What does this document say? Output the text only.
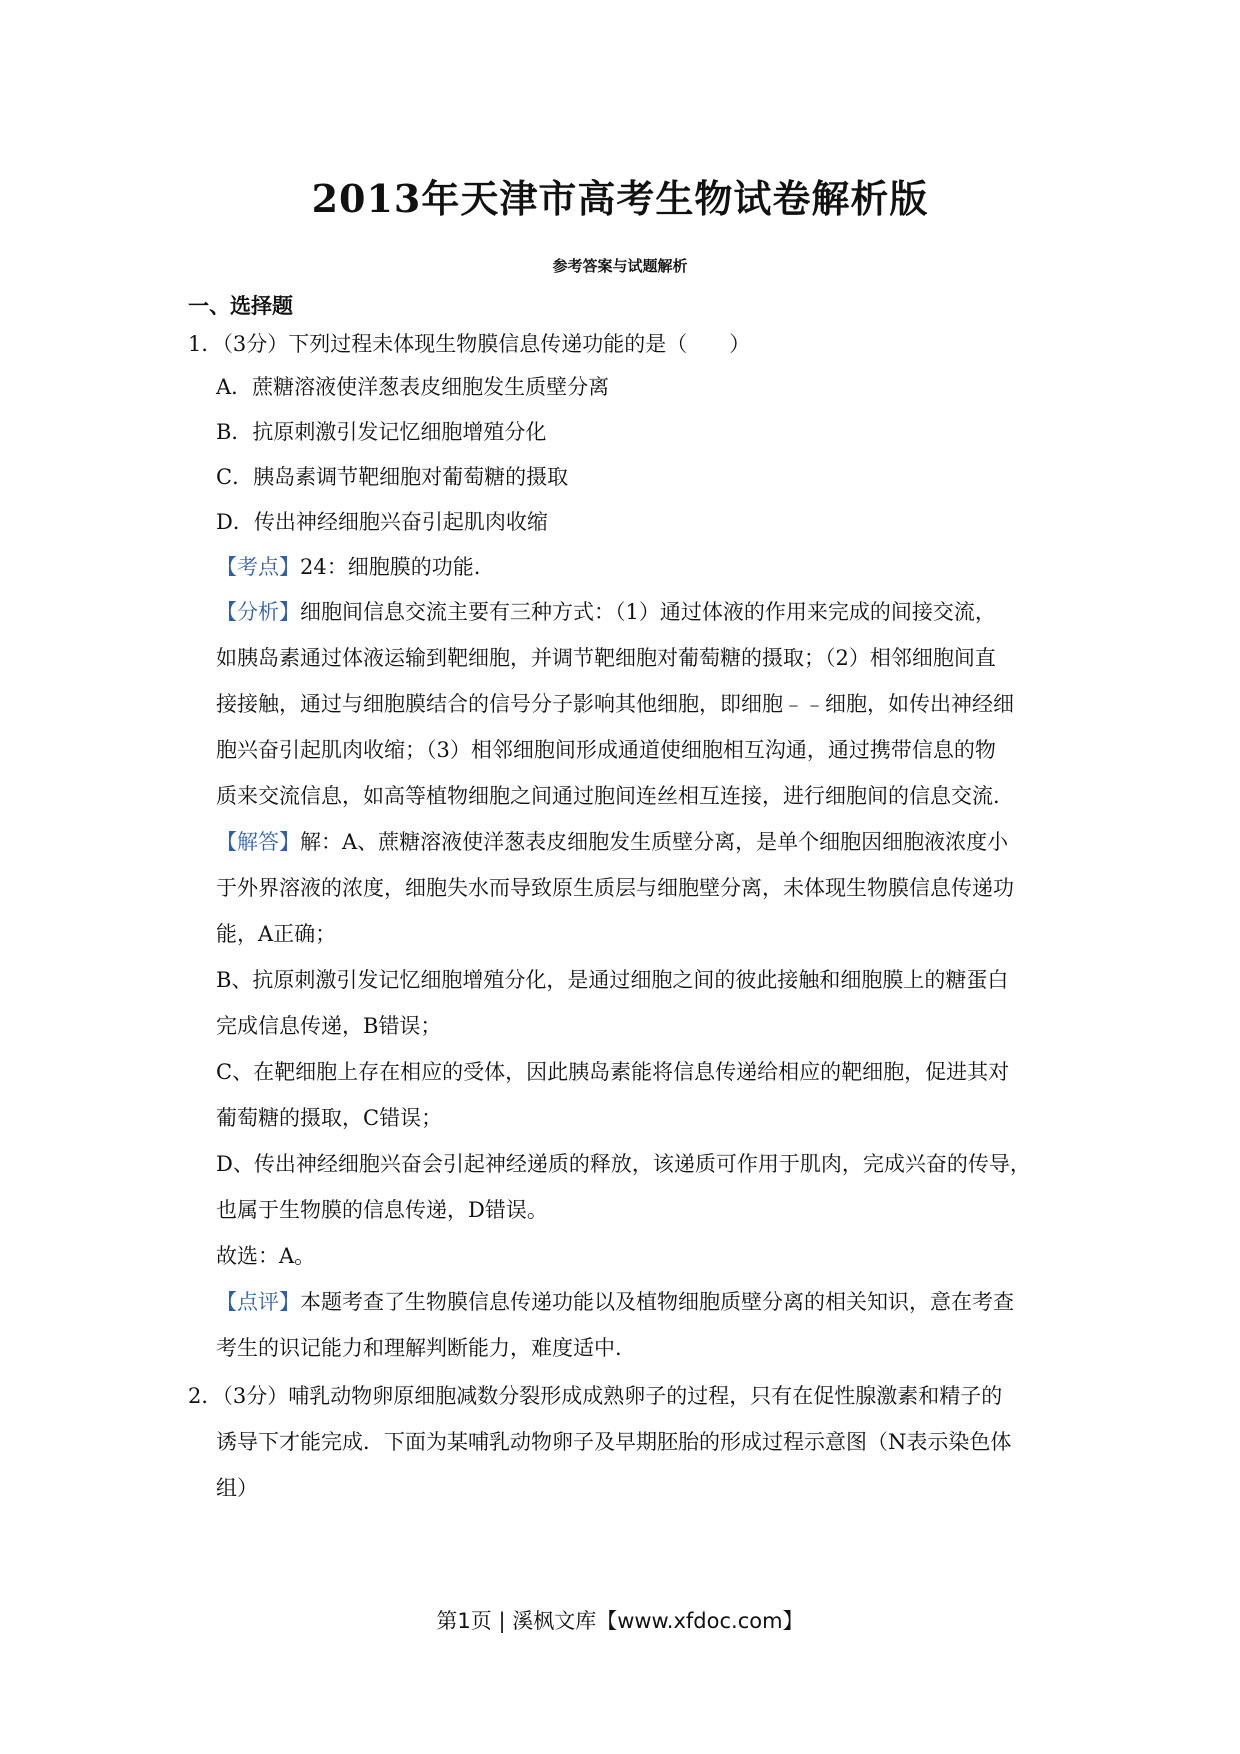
2013年天津市高考生物试卷解析版
参考答案与试题解析
一、选择题
1．（3分）下列过程未体现生物膜信息传递功能的是（　　）
A．蔗糖溶液使洋葱表皮细胞发生质壁分离
B．抗原刺激引发记忆细胞增殖分化
C．胰岛素调节靶细胞对葡萄糖的摄取
D．传出神经细胞兴奋引起肌肉收缩
【考点】24：细胞膜的功能.
【分析】细胞间信息交流主要有三种方式：（1）通过体液的作用来完成的间接交流，
如胰岛素通过体液运输到靶细胞，并调节靶细胞对葡萄糖的摄取；（2）相邻细胞间直
接接触，通过与细胞膜结合的信号分子影响其他细胞，即细胞﹣﹣细胞，如传出神经细
胞兴奋引起肌肉收缩；（3）相邻细胞间形成通道使细胞相互沟通，通过携带信息的物
质来交流信息，如高等植物细胞之间通过胞间连丝相互连接，进行细胞间的信息交流.
【解答】解：A、蔗糖溶液使洋葱表皮细胞发生质壁分离，是单个细胞因细胞液浓度小
于外界溶液的浓度，细胞失水而导致原生质层与细胞壁分离，未体现生物膜信息传递功
能，A正确；
B、抗原刺激引发记忆细胞增殖分化，是通过细胞之间的彼此接触和细胞膜上的糖蛋白
完成信息传递，B错误；
C、在靶细胞上存在相应的受体，因此胰岛素能将信息传递给相应的靶细胞，促进其对
葡萄糖的摄取，C错误；
D、传出神经细胞兴奋会引起神经递质的释放，该递质可作用于肌肉，完成兴奋的传导，
也属于生物膜的信息传递，D错误。
故选：A。
【点评】本题考查了生物膜信息传递功能以及植物细胞质壁分离的相关知识，意在考查
考生的识记能力和理解判断能力，难度适中.
2．（3分）哺乳动物卵原细胞减数分裂形成成熟卵子的过程，只有在促性腺激素和精子的
诱导下才能完成．下面为某哺乳动物卵子及早期胚胎的形成过程示意图（N表示染色体
组）
第1页 | 溪枫文库【www.xfdoc.com】
